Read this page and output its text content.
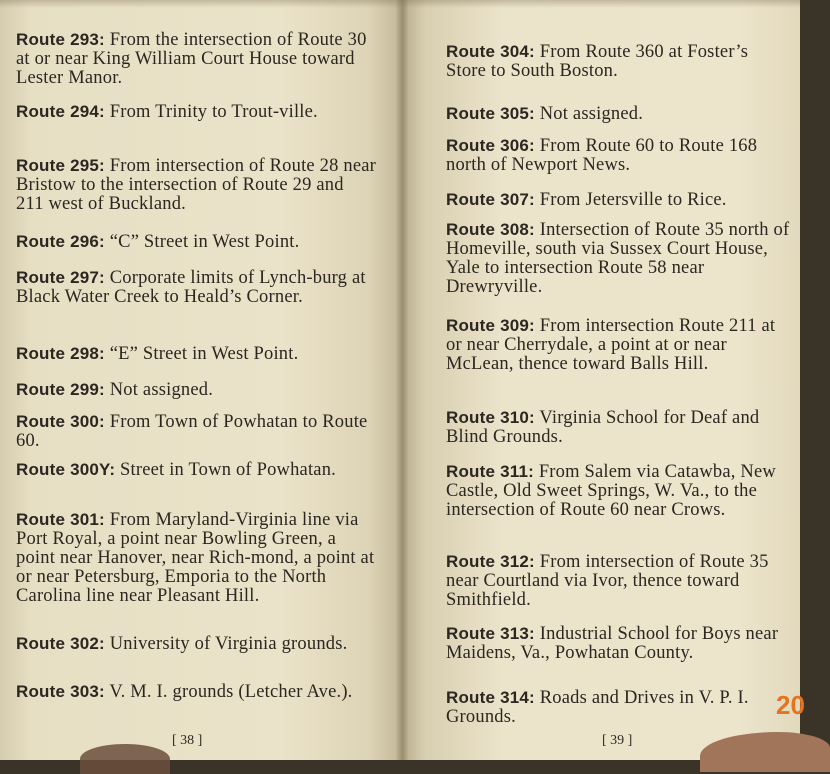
Route 293: From the intersection of Route 30 at or near King William Court House toward Lester Manor.
Route 294: From Trinity to Trout-ville.
Route 295: From intersection of Route 28 near Bristow to the intersection of Route 29 and 211 west of Buckland.
Route 296: “C” Street in West Point.
Route 297: Corporate limits of Lynch-burg at Black Water Creek to Heald’s Corner.
Route 298: “E” Street in West Point.
Route 299: Not assigned.
Route 300: From Town of Powhatan to Route 60.
Route 300Y: Street in Town of Powhatan.
Route 301: From Maryland-Virginia line via Port Royal, a point near Bowling Green, a point near Hanover, near Rich-mond, a point at or near Petersburg, Emporia to the North Carolina line near Pleasant Hill.
Route 302: University of Virginia grounds.
Route 303: V. M. I. grounds (Letcher Ave.).
[ 38 ]
Route 304: From Route 360 at Foster’s Store to South Boston.
Route 305: Not assigned.
Route 306: From Route 60 to Route 168 north of Newport News.
Route 307: From Jetersville to Rice.
Route 308: Intersection of Route 35 north of Homeville, south via Sussex Court House, Yale to intersection Route 58 near Drewryville.
Route 309: From intersection Route 211 at or near Cherrydale, a point at or near McLean, thence toward Balls Hill.
Route 310: Virginia School for Deaf and Blind Grounds.
Route 311: From Salem via Catawba, New Castle, Old Sweet Springs, W. Va., to the intersection of Route 60 near Crows.
Route 312: From intersection of Route 35 near Courtland via Ivor, thence toward Smithfield.
Route 313: Industrial School for Boys near Maidens, Va., Powhatan County.
Route 314: Roads and Drives in V. P. I. Grounds.
[ 39 ]
20
